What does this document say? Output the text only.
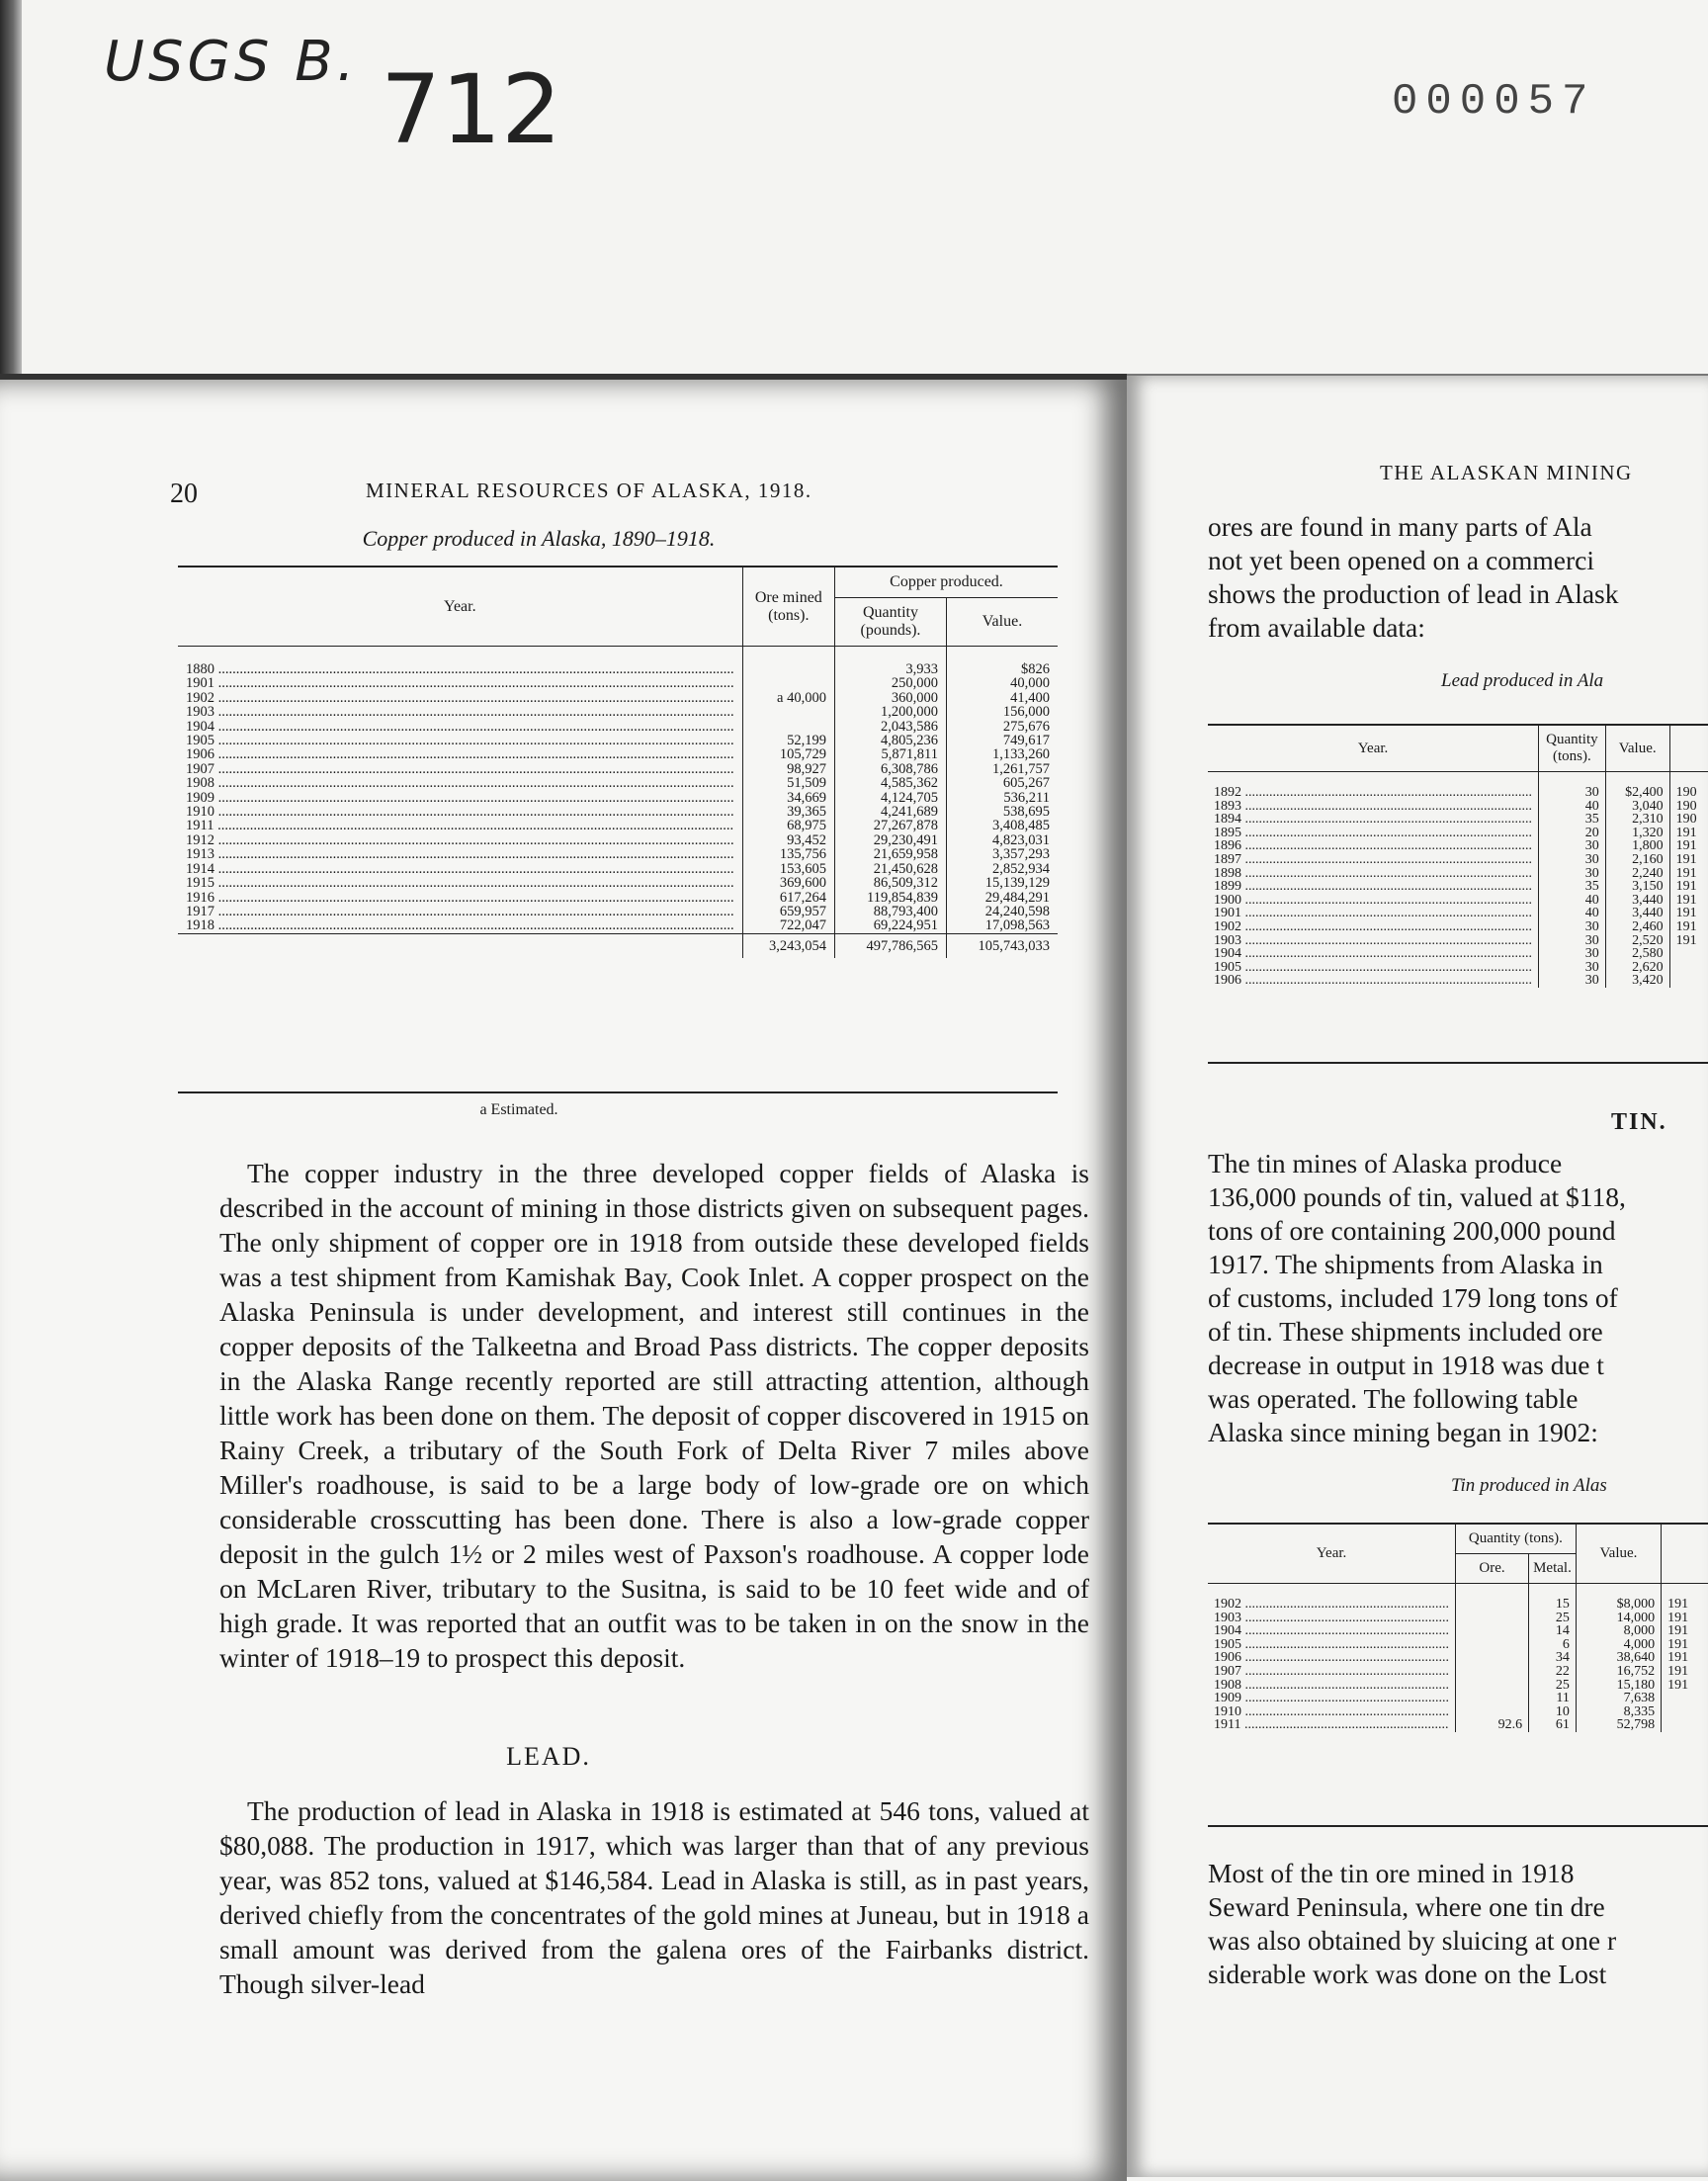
USGS B. 712	000057
20	MINERAL RESOURCES OF ALASKA, 1918.
Copper produced in Alaska, 1890–1918.
Year.	Ore mined (tons).	Copper produced.	
		Quantity (pounds).	Value.
1880 .....		3,933	$826
1901 .....		250,000	40,000
1902 .....	a 40,000	360,000	41,400
1903 .....		1,200,000	156,000
1904 .....		2,043,586	275,676
1905 .....	52,199	4,805,236	749,617
1906 .....	105,729	5,871,811	1,133,260
1907 .....	98,927	6,308,786	1,261,757
1908 .....	51,509	4,585,362	605,267
1909 .....	34,669	4,124,705	536,211
1910 .....	39,365	4,241,689	538,695
1911 .....	68,975	27,267,878	3,408,485
1912 .....	93,452	29,230,491	4,823,031
1913 .....	135,756	21,659,958	3,357,293
1914 .....	153,605	21,450,628	2,852,934
1915 .....	369,600	86,509,312	15,139,129
1916 .....	617,264	119,854,839	29,484,291
1917 .....	659,957	88,793,400	24,240,598
1918 .....	722,047	69,224,951	17,098,563
	3,243,054	497,786,565	105,743,033
a Estimated.

The copper industry in the three developed copper fields of Alaska is described in the account of mining in those districts given on subsequent pages. The only shipment of copper ore in 1918 from outside these developed fields was a test shipment from Kamishak Bay, Cook Inlet. A copper prospect on the Alaska Peninsula is under development, and interest still continues in the copper deposits of the Talkeetna and Broad Pass districts. The copper deposits in the Alaska Range recently reported are still attracting attention, although little work has been done on them. The deposit of copper discovered in 1915 on Rainy Creek, a tributary of the South Fork of Delta River 7 miles above Miller's roadhouse, is said to be a large body of low-grade ore on which considerable crosscutting has been done. There is also a low-grade copper deposit in the gulch 1½ or 2 miles west of Paxson's roadhouse. A copper lode on McLaren River, tributary to the Susitna, is said to be 10 feet wide and of high grade. It was reported that an outfit was to be taken in on the snow in the winter of 1918–19 to prospect this deposit.

LEAD.

The production of lead in Alaska in 1918 is estimated at 546 tons, valued at $80,088. The production in 1917, which was larger than that of any previous year, was 852 tons, valued at $146,584. Lead in Alaska is still, as in past years, derived chiefly from the concentrates of the gold mines at Juneau, but in 1918 a small amount was derived from the galena ores of the Fairbanks district. Though silver-lead

THE ALASKAN MINING
ores are found in many parts of Ala
not yet been opened on a commerci
shows the production of lead in Alask
from available data:
Lead produced in Ala
Year.	Quantity (tons).	Value.	
1892 .....	30	$2,400	190
1893 .....	40	3,040	190
1894 .....	35	2,310	190
1895 .....	20	1,320	191
1896 .....	30	1,800	191
1897 .....	30	2,160	191
1898 .....	30	2,240	191
1899 .....	35	3,150	191
1900 .....	40	3,440	191
1901 .....	40	3,440	191
1902 .....	30	2,460	191
1903 .....	30	2,520	191
1904 .....	30	2,580	
1905 .....	30	2,620	
1906 .....	30	3,420	
TIN.
The tin mines of Alaska produce
136,000 pounds of tin, valued at $118,
tons of ore containing 200,000 pound
1917. The shipments from Alaska in
of customs, included 179 long tons of
of tin. These shipments included ore
decrease in output in 1918 was due t
was operated. The following table
Alaska since mining began in 1902:
Tin produced in Alas
Year.	Quantity (tons).		Value.	
	Ore.	Metal.		
1902 .....		15	$8,000	191
1903 .....		25	14,000	191
1904 .....		14	8,000	191
1905 .....		6	4,000	191
1906 .....		34	38,640	191
1907 .....		22	16,752	191
1908 .....		25	15,180	191
1909 .....		11	7,638	
1910 .....		10	8,335	
1911 .....	92.6	61	52,798	
Most of the tin ore mined in 1918
Seward Peninsula, where one tin dre
was also obtained by sluicing at one r
siderable work was done on the Lost
